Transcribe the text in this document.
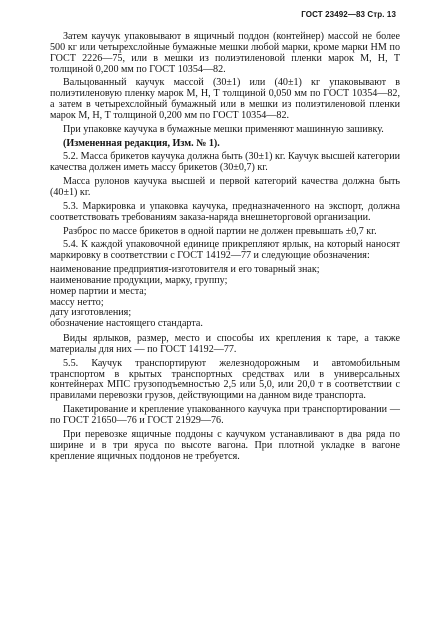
ГОСТ 23492—83 Стр. 13

Затем каучук упаковывают в ящичный поддон (контейнер) массой не более 500 кг или четырехслойные бумажные мешки любой марки, кроме марки НМ по ГОСТ 2226—75, или в мешки из полиэтиленовой пленки марок М, Н, Т толщиной 0,200 мм по ГОСТ 10354—82.

Вальцованный каучук массой (30±1) или (40±1) кг упаковывают в полиэтиленовую пленку марок М, Н, Т толщиной 0,050 мм по ГОСТ 10354—82, а затем в четырехслойный бумажный или в мешки из полиэтиленовой пленки марок М, Н, Т толщиной 0,200 мм по ГОСТ 10354—82.

При упаковке каучука в бумажные мешки применяют машинную зашивку.

(Измененная редакция, Изм. № 1).

5.2. Масса брикетов каучука должна быть (30±1) кг. Каучук высшей категории качества должен иметь массу брикетов (30±0,7) кг.

Масса рулонов каучука высшей и первой категорий качества должна быть (40±1) кг.

5.3. Маркировка и упаковка каучука, предназначенного на экспорт, должна соответствовать требованиям заказа-наряда внешнеторговой организации.

Разброс по массе брикетов в одной партии не должен превышать ±0,7 кг.

5.4. К каждой упаковочной единице прикрепляют ярлык, на который наносят маркировку в соответствии с ГОСТ 14192—77 и следующие обозначения:

наименование предприятия-изготовителя и его товарный знак;

наименование продукции, марку, группу;

номер партии и места;

массу нетто;

дату изготовления;

обозначение настоящего стандарта.

Виды ярлыков, размер, место и способы их крепления к таре, а также материалы для них — по ГОСТ 14192—77.

5.5. Каучук транспортируют железнодорожным и автомобильным транспортом в крытых транспортных средствах или в универсальных контейнерах МПС грузоподъемностью 2,5 или 5,0, или 20,0 т в соответствии с правилами перевозки грузов, действующими на данном виде транспорта.

Пакетирование и крепление упакованного каучука при транспортировании — по ГОСТ 21650—76 и ГОСТ 21929—76.

При перевозке ящичные поддоны с каучуком устанавливают в два ряда по ширине и в три яруса по высоте вагона. При плотной укладке в вагоне крепление ящичных поддонов не требуется.
